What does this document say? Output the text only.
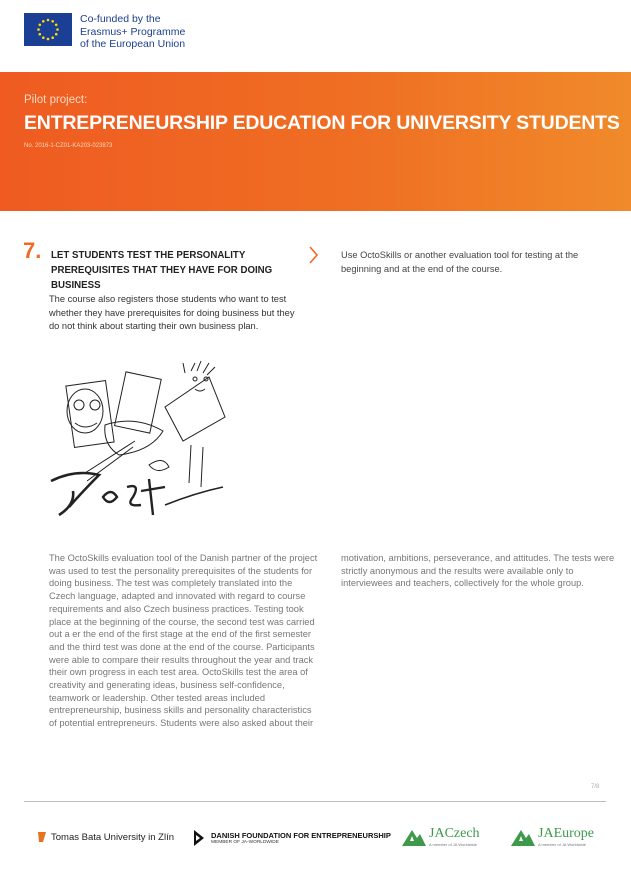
Co-funded by the
Erasmus+ Programme
of the European Union
Pilot project:
ENTREPRENEURSHIP EDUCATION FOR UNIVERSITY STUDENTS
No. 2016-1-CZ01-KA203-023873
7. LET STUDENTS TEST THE PERSONALITY PREREQUISITES THAT THEY HAVE FOR DOING BUSINESS
The course also registers those students who want to test whether they have prerequisites for doing business but they do not think about starting their own business plan.
Use OctoSkills or another evaluation tool for testing at the beginning and at the end of the course.
The OctoSkills evaluation tool of the Danish partner of the project was used to test the personality prerequisites of the students for doing business. The test was completely translated into the Czech language, adapted and innovated with regard to course requirements and also Czech business practices. Testing took place at the beginning of the course, the second test was carried out a er the end of the first stage at the end of the first semester and the third test was done at the end of the course. Participants were able to compare their results throughout the year and track their own progress in each test area. OctoSkills test the area of creativity and generating ideas, business self-confidence, teamwork or leadership. Other tested areas included entrepreneurship, business skills and personality characteristics of potential entrepreneurs. Students were also asked about their
motivation, ambitions, perseverance, and attitudes. The tests were strictly anonymous and the results were available only to interviewees and teachers, collectively for the whole group.
7/8
Tomas Bata University in Zlín	DANISH FOUNDATION FOR ENTREPRENEURSHIP
MEMBER OF JA-WORLDWIDE
JACzech
A member of JA Worldwide
JAEurope
A member of JA Worldwide
